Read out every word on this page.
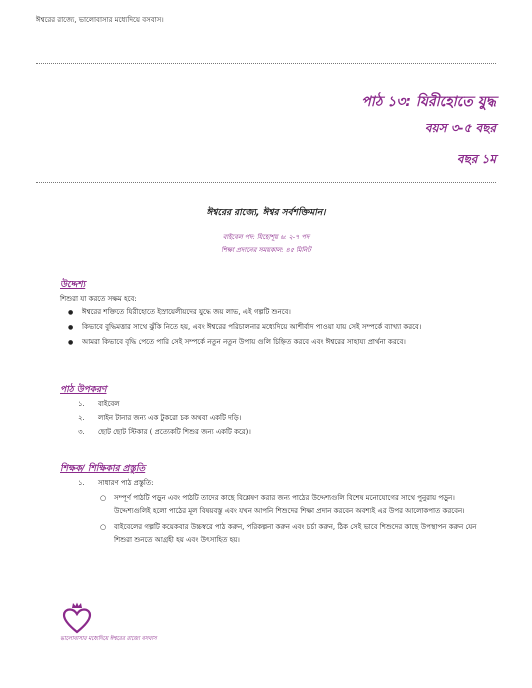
ঈশ্বরের রাজ্যে, ভালোবাসার মধ্যেদিয়ে বসবাস।
পাঠ ১৩: যিরীহোতে যুদ্ধ
বয়স ৩-৫ বছর
বছর ১ম
ঈশ্বরের রাজ্যে, ঈশ্বর সর্বশক্তিমান।
বাইবেল পদ: যিহোশূয় ৬: ২-৭ পদ
শিক্ষা প্রদানের সময়কাল: ৪৫ মিনিট
উদ্দেশ্য
শিশুরা যা করতে সক্ষম হবে:
● ঈশ্বরের শক্তিতে যিরীহোতে ইস্রায়েলীয়দের যুদ্ধে জয় লাভ, এই গল্পটি শুনবে।
● কিভাবে বুদ্ধিমত্তার সাথে ঝুঁকি নিতে হয়, এবং ঈশ্বরের পরিচালনার মধ্যেদিয়ে আশীর্বাদ পাওয়া যায় সেই সম্পর্কে ব্যাখ্যা করবে।
● আমরা কিভাবে বৃদ্ধি পেতে পারি সেই সম্পর্কে নতুন নতুন উপায় গুলি চিহ্নিত করবে এবং ঈশ্বরের সাহায্য প্রার্থনা করবে।
পাঠ উপকরণ
১. বাইবেল
২. লাইন টানার জন্য এক টুকরো চক অথবা একটি দড়ি।
৩. ছোট ছোট স্টিকার ( প্রত্যেকটি শিশুর জন্য একটি করে)।
শিক্ষক/ শিক্ষিকার প্রস্তুতি
১. সাধারণ পাঠ প্রস্তুতি:
○ সম্পূর্ণ পাঠটি পড়ুন এবং পাঠটি তাদের কাছে বিশ্লেষণ করার জন্য পাঠের উদ্দেশ্যগুলি বিশেষ মনোযোগের সাথে পুনুরায় পড়ুন। উদ্দেশ্যগুলিই হলো পাঠের মূল বিষয়বস্তু এবং যখন আপনি শিশুদের শিক্ষা প্রদান করবেন অবশ্যই এর উপর আলোকপাত করবেন।
○ বাইবেলের গল্পটি কয়েকবার উচ্চস্বরে পাঠ করুন, পরিকল্পনা করুন এবং চর্চা করুন, ঠিক সেই ভাবে শিশুদের কাছে উপস্থাপন করুন যেন শিশুরা শুনতে আগ্রহী হয় এবং উৎসাহিত হয়।
ভালোবাসার মধ্যেদিয়ে ঈশ্বরের রাজ্যে বসবাস
